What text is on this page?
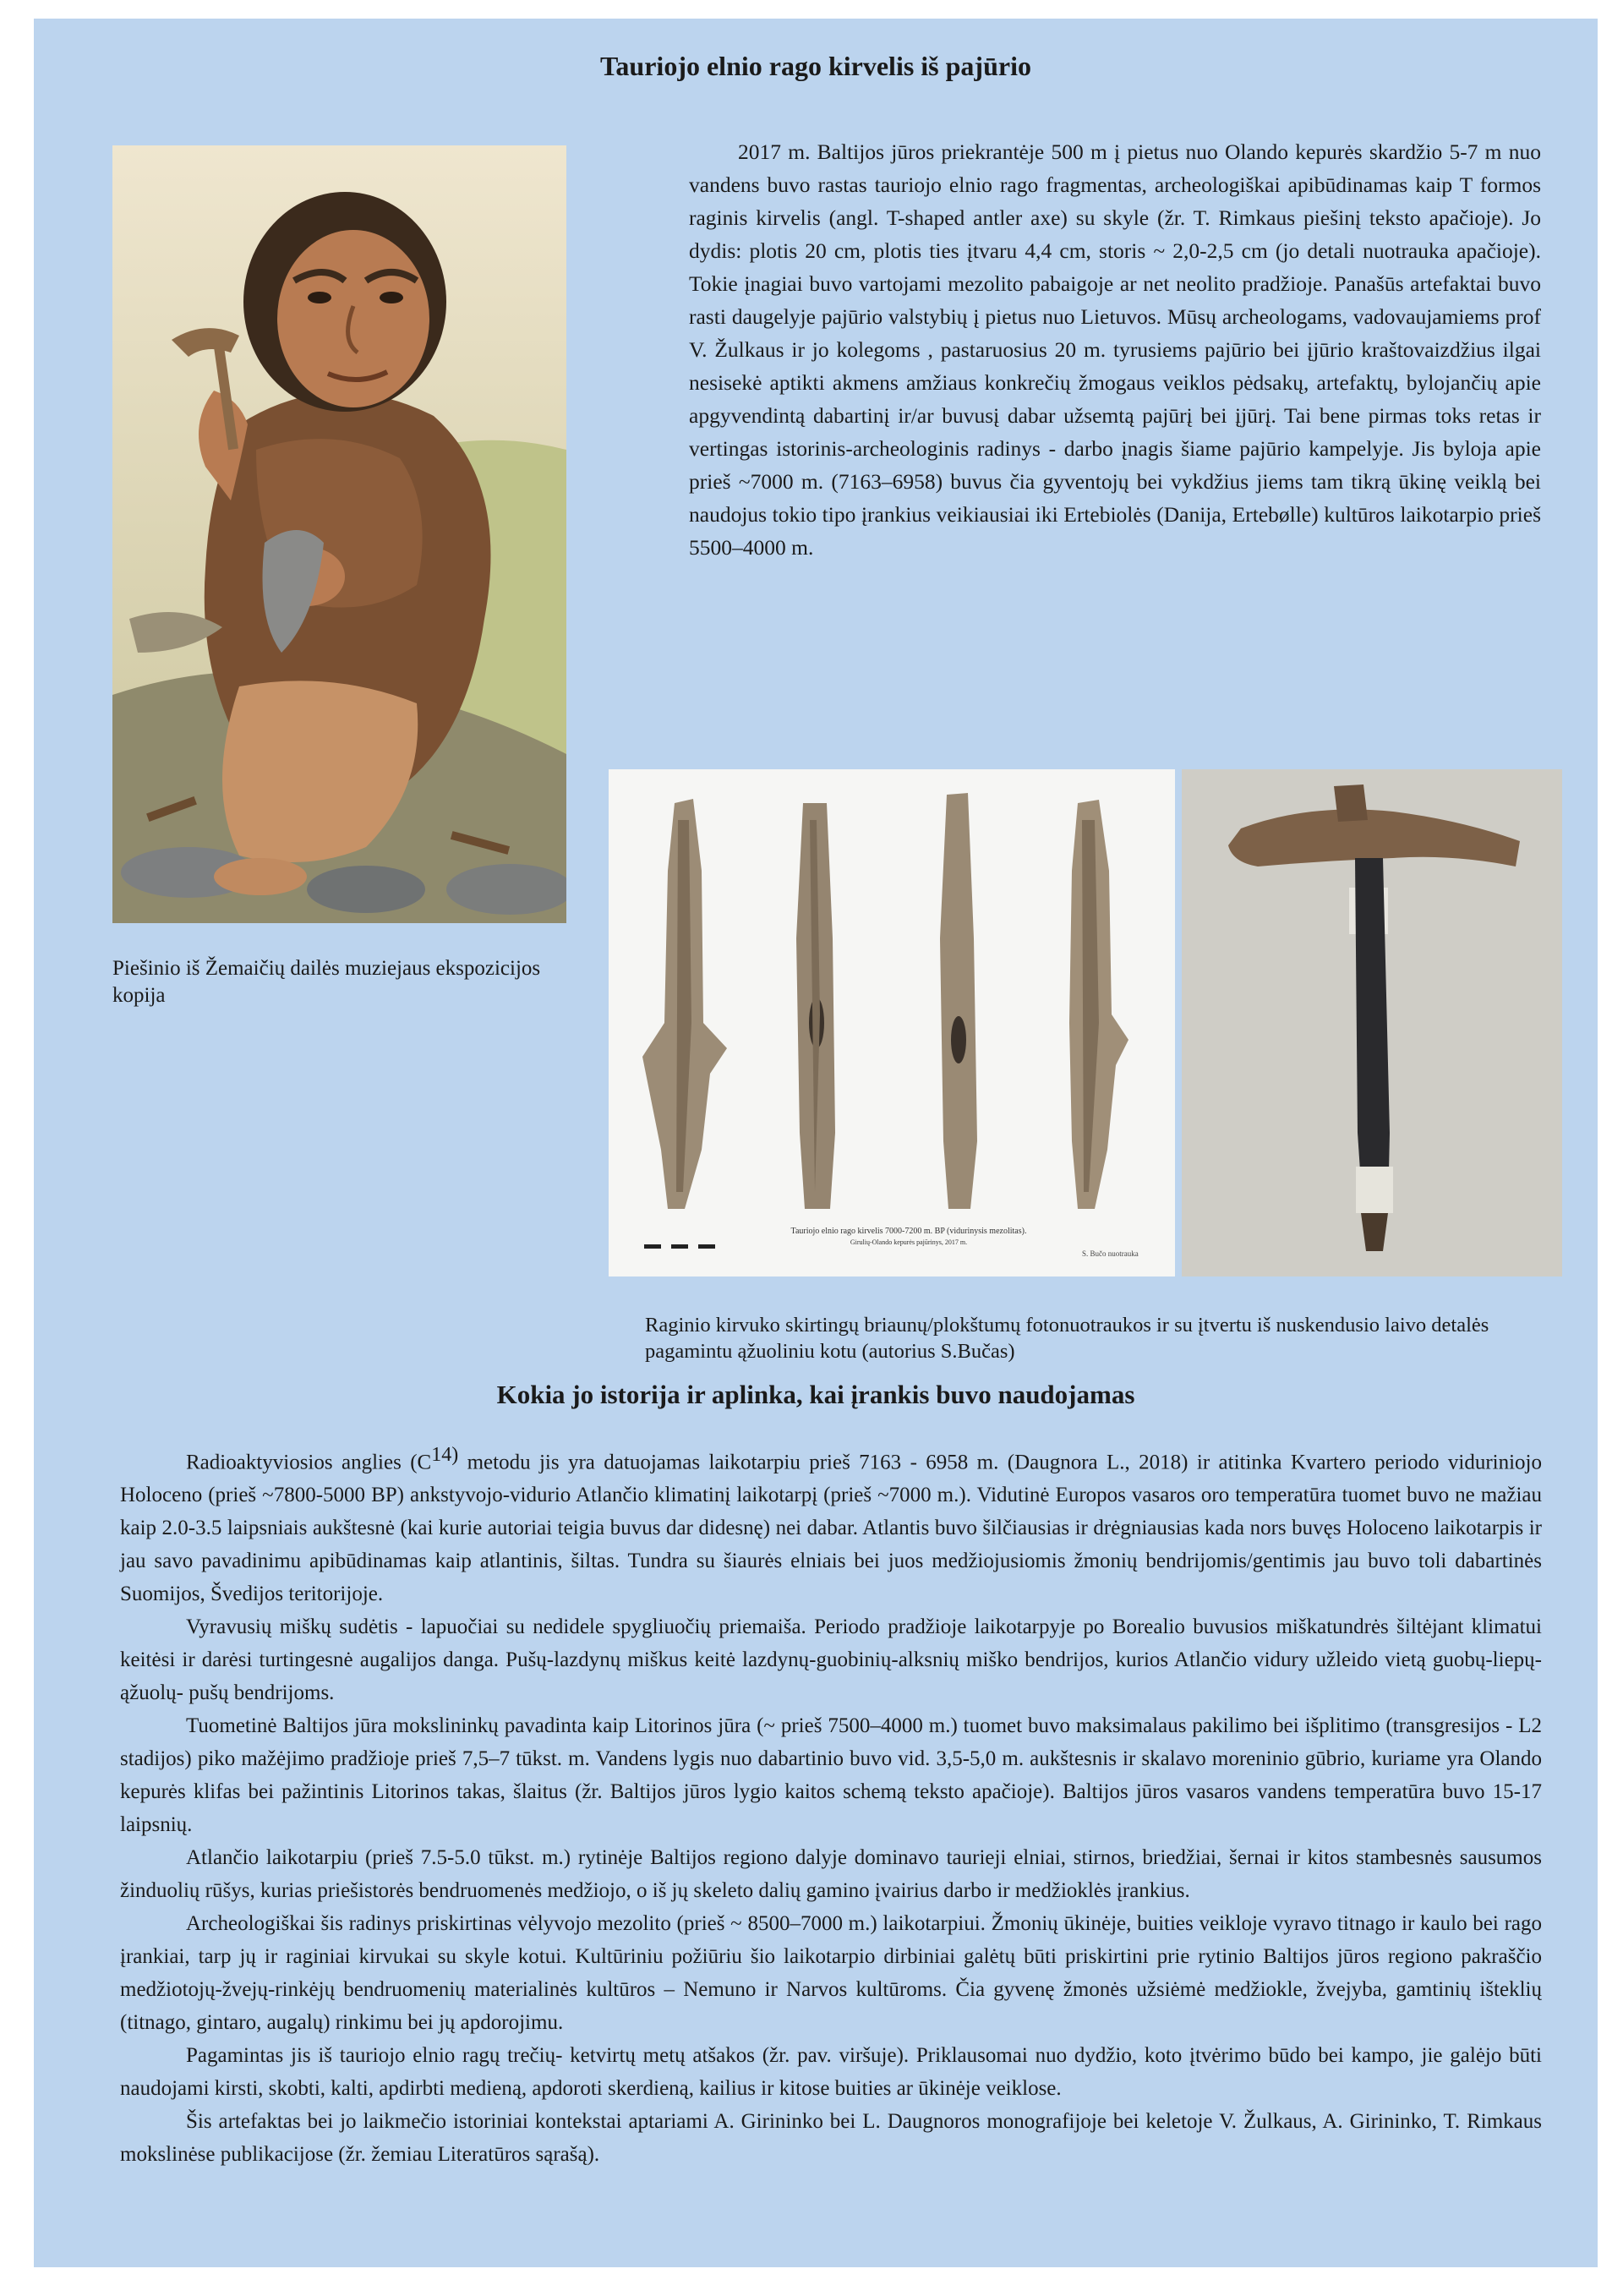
Tauriojo elnio rago kirvelis iš pajūrio
Piešinio iš Žemaičių dailės muziejaus ekspozicijos kopija
2017 m. Baltijos jūros priekrantėje 500 m į pietus nuo Olando kepurės skardžio 5-7 m nuo vandens buvo rastas tauriojo elnio rago fragmentas, archeologiškai apibūdinamas kaip T formos raginis kirvelis (angl. T-shaped antler axe) su skyle (žr. T. Rimkaus piešinį teksto apačioje). Jo dydis: plotis 20 cm, plotis ties įtvaru 4,4 cm, storis ~ 2,0-2,5 cm (jo detali nuotrauka apačioje). Tokie įnagiai buvo vartojami mezolito pabaigoje ar net neolito pradžioje. Panašūs artefaktai buvo rasti daugelyje pajūrio valstybių į pietus nuo Lietuvos. Mūsų archeologams, vadovaujamiems prof V. Žulkaus ir jo kolegoms , pastaruosius 20 m. tyrusiems pajūrio bei įjūrio kraštovaizdžius ilgai nesisekė aptikti akmens amžiaus konkrečių žmogaus veiklos pėdsakų, artefaktų, bylojančių apie apgyvendintą dabartinį ir/ar buvusį dabar užsemtą pajūrį bei įjūrį. Tai bene pirmas toks retas ir vertingas istorinis-archeologinis radinys - darbo įnagis šiame pajūrio kampelyje. Jis byloja apie prieš ~7000 m. (7163–6958) buvus čia gyventojų bei vykdžius jiems tam tikrą ūkinę veiklą bei naudojus tokio tipo įrankius veikiausiai iki Ertebiolės (Danija, Ertebølle) kultūros laikotarpio prieš 5500–4000 m.
Tauriojo elnio rago kirvelis 7000-7200 m. BP (vidurinysis mezolitas).
Girulių-Olando kepurės pajūrinys, 2017 m.
S. Bučo nuotrauka
Raginio kirvuko skirtingų briaunų/plokštumų fotonuotraukos ir su įtvertu iš nuskendusio laivo detalės pagamintu ąžuoliniu kotu (autorius S.Bučas)
Kokia jo istorija ir aplinka, kai įrankis buvo naudojamas

Radioaktyviosios anglies ($C^{14)}$ metodu jis yra datuojamas laikotarpiu prieš 7163 - 6958 m. (Daugnora L., 2018) ir atitinka Kvartero periodo viduriniojo Holoceno (prieš ~7800-5000 BP) ankstyvojo-vidurio Atlančio klimatinį laikotarpį (prieš ~7000 m.). Vidutinė Europos vasaros oro temperatūra tuomet buvo ne mažiau kaip 2.0-3.5 laipsniais aukštesnė (kai kurie autoriai teigia buvus dar didesnę) nei dabar. Atlantis buvo šilčiausias ir drėgniausias kada nors buvęs Holoceno laikotarpis ir jau savo pavadinimu apibūdinamas kaip atlantinis, šiltas. Tundra su šiaurės elniais bei juos medžiojusiomis žmonių bendrijomis/gentimis jau buvo toli dabartinės Suomijos, Švedijos teritorijoje.

Vyravusių miškų sudėtis - lapuočiai su nedidele spygliuočių priemaiša. Periodo pradžioje laikotarpyje po Borealio buvusios miškatundrės šiltėjant klimatui keitėsi ir darėsi turtingesnė augalijos danga. Pušų-lazdynų miškus keitė lazdynų-guobinių-alksnių miško bendrijos, kurios Atlančio vidury užleido vietą guobų-liepų-ąžuolų- pušų bendrijoms.

Tuometinė Baltijos jūra mokslininkų pavadinta kaip Litorinos jūra (~ prieš 7500–4000 m.) tuomet buvo maksimalaus pakilimo bei išplitimo (transgresijos - L2 stadijos) piko mažėjimo pradžioje prieš 7,5–7 tūkst. m. Vandens lygis nuo dabartinio buvo vid. 3,5-5,0 m. aukštesnis ir skalavo moreninio gūbrio, kuriame yra Olando kepurės klifas bei pažintinis Litorinos takas, šlaitus (žr. Baltijos jūros lygio kaitos schemą teksto apačioje). Baltijos jūros vasaros vandens temperatūra buvo 15-17 laipsnių.

Atlančio laikotarpiu (prieš 7.5-5.0 tūkst. m.) rytinėje Baltijos regiono dalyje dominavo taurieji elniai, stirnos, briedžiai, šernai ir kitos stambesnės sausumos žinduolių rūšys, kurias priešistorės bendruomenės medžiojo, o iš jų skeleto dalių gamino įvairius darbo ir medžioklės įrankius.

Archeologiškai šis radinys priskirtinas vėlyvojo mezolito (prieš ~ 8500–7000 m.) laikotarpiui. Žmonių ūkinėje, buities veikloje vyravo titnago ir kaulo bei rago įrankiai, tarp jų ir raginiai kirvukai su skyle kotui. Kultūriniu požiūriu šio laikotarpio dirbiniai galėtų būti priskirtini prie rytinio Baltijos jūros regiono pakraščio medžiotojų-žvejų-rinkėjų bendruomenių materialinės kultūros – Nemuno ir Narvos kultūroms. Čia gyvenę žmonės užsiėmė medžiokle, žvejyba, gamtinių išteklių (titnago, gintaro, augalų) rinkimu bei jų apdorojimu.

Pagamintas jis iš tauriojo elnio ragų trečių- ketvirtų metų atšakos (žr. pav. viršuje). Priklausomai nuo dydžio, koto įtvėrimo būdo bei kampo, jie galėjo būti naudojami kirsti, skobti, kalti, apdirbti medieną, apdoroti skerdieną, kailius ir kitose buities ar ūkinėje veiklose.

Šis artefaktas bei jo laikmečio istoriniai kontekstai aptariami A. Girininko bei L. Daugnoros monografijoje bei keletoje V. Žulkaus, A. Girininko, T. Rimkaus mokslinėse publikacijose (žr. žemiau Literatūros sąrašą).
